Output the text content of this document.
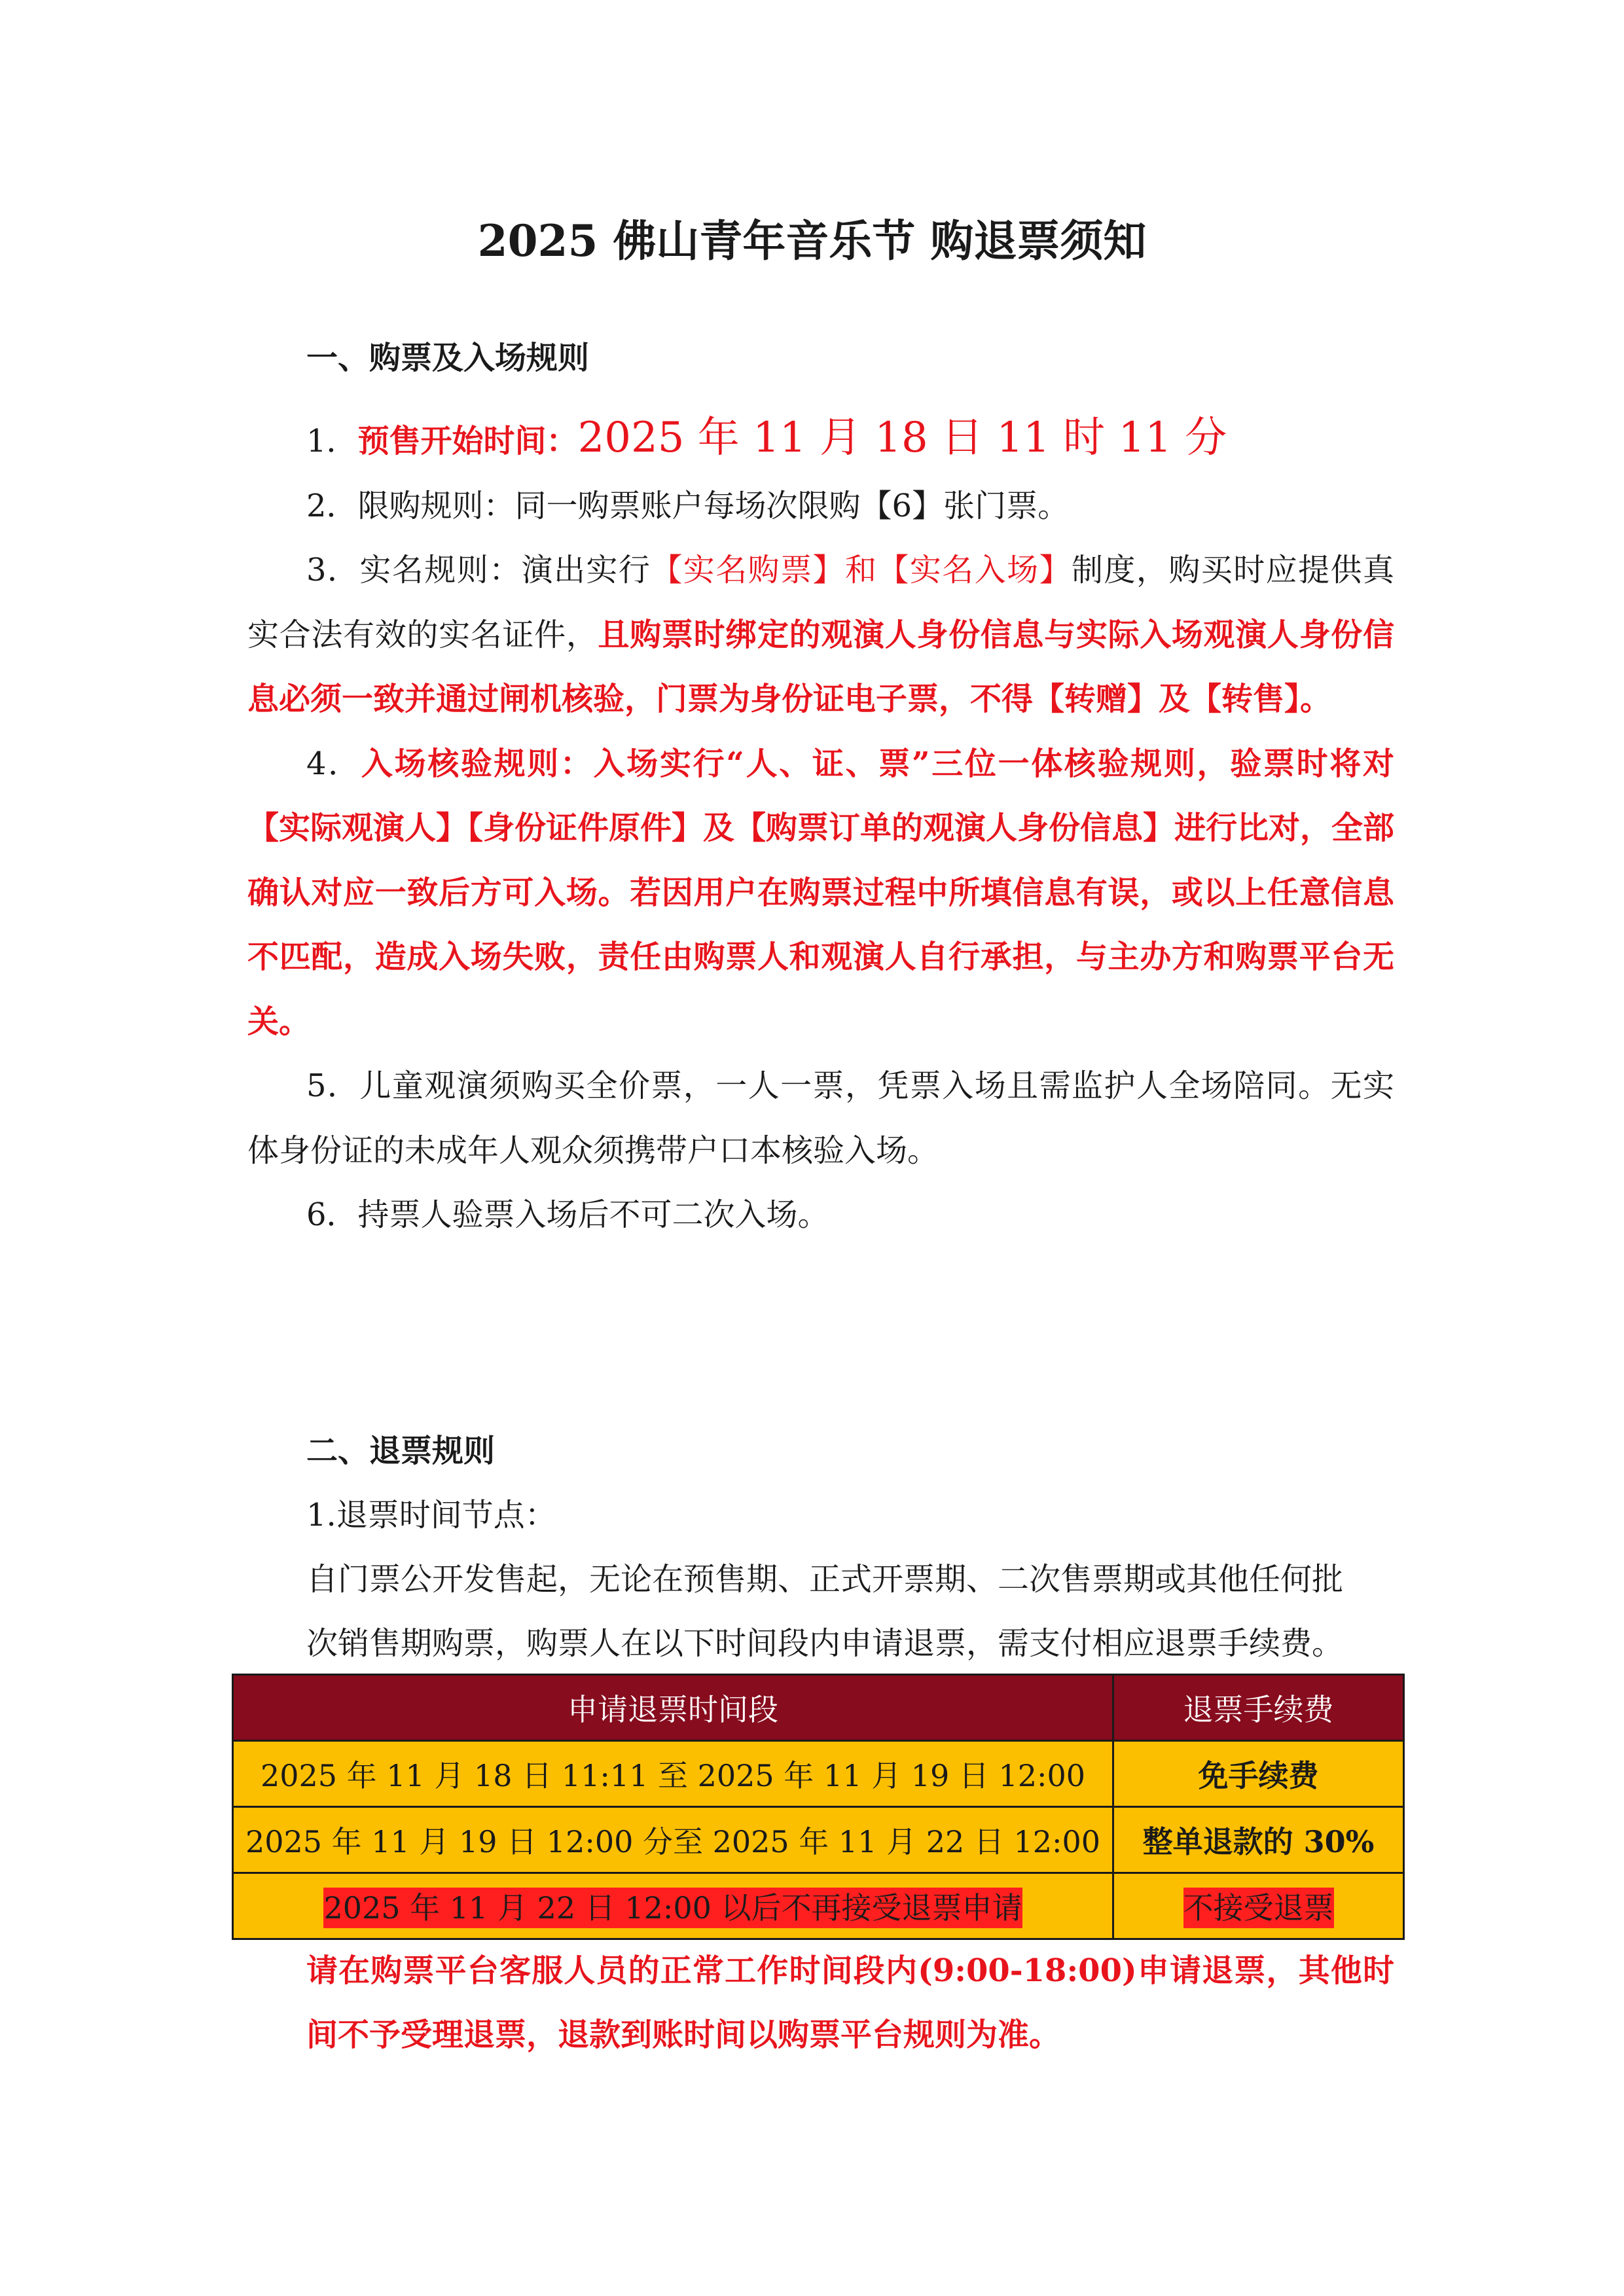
2025 佛山青年音乐节 购退票须知
一、购票及入场规则

1．预售开始时间：2025 年 11 月 18 日 11 时 11 分

2．限购规则：同一购票账户每场次限购【6】张门票。

3．实名规则：演出实行【实名购票】和【实名入场】制度，购买时应提供真实合法有效的实名证件，且购票时绑定的观演人身份信息与实际入场观演人身份信息必须一致并通过闸机核验，门票为身份证电子票，不得【转赠】及【转售】。

4．入场核验规则：入场实行“人、证、票”三位一体核验规则，验票时将对【实际观演人】【身份证件原件】及【购票订单的观演人身份信息】进行比对，全部确认对应一致后方可入场。若因用户在购票过程中所填信息有误，或以上任意信息不匹配，造成入场失败，责任由购票人和观演人自行承担，与主办方和购票平台无关。

5．儿童观演须购买全价票，一人一票，凭票入场且需监护人全场陪同。无实体身份证的未成年人观众须携带户口本核验入场。

6．持票人验票入场后不可二次入场。

二、退票规则

1.退票时间节点：

自门票公开发售起，无论在预售期、正式开票期、二次售票期或其他任何批

次销售期购票，购票人在以下时间段内申请退票，需支付相应退票手续费。

申请退票时间段	退票手续费
2025 年 11 月 18 日 11:11 至 2025 年 11 月 19 日 12:00	免手续费
2025 年 11 月 19 日 12:00 分至 2025 年 11 月 22 日 12:00	整单退款的 30%
2025 年 11 月 22 日 12:00 以后不再接受退票申请	不接受退票
请在购票平台客服人员的正常工作时间段内(9:00-18:00)申请退票，其他时间不予受理退票，退款到账时间以购票平台规则为准。
